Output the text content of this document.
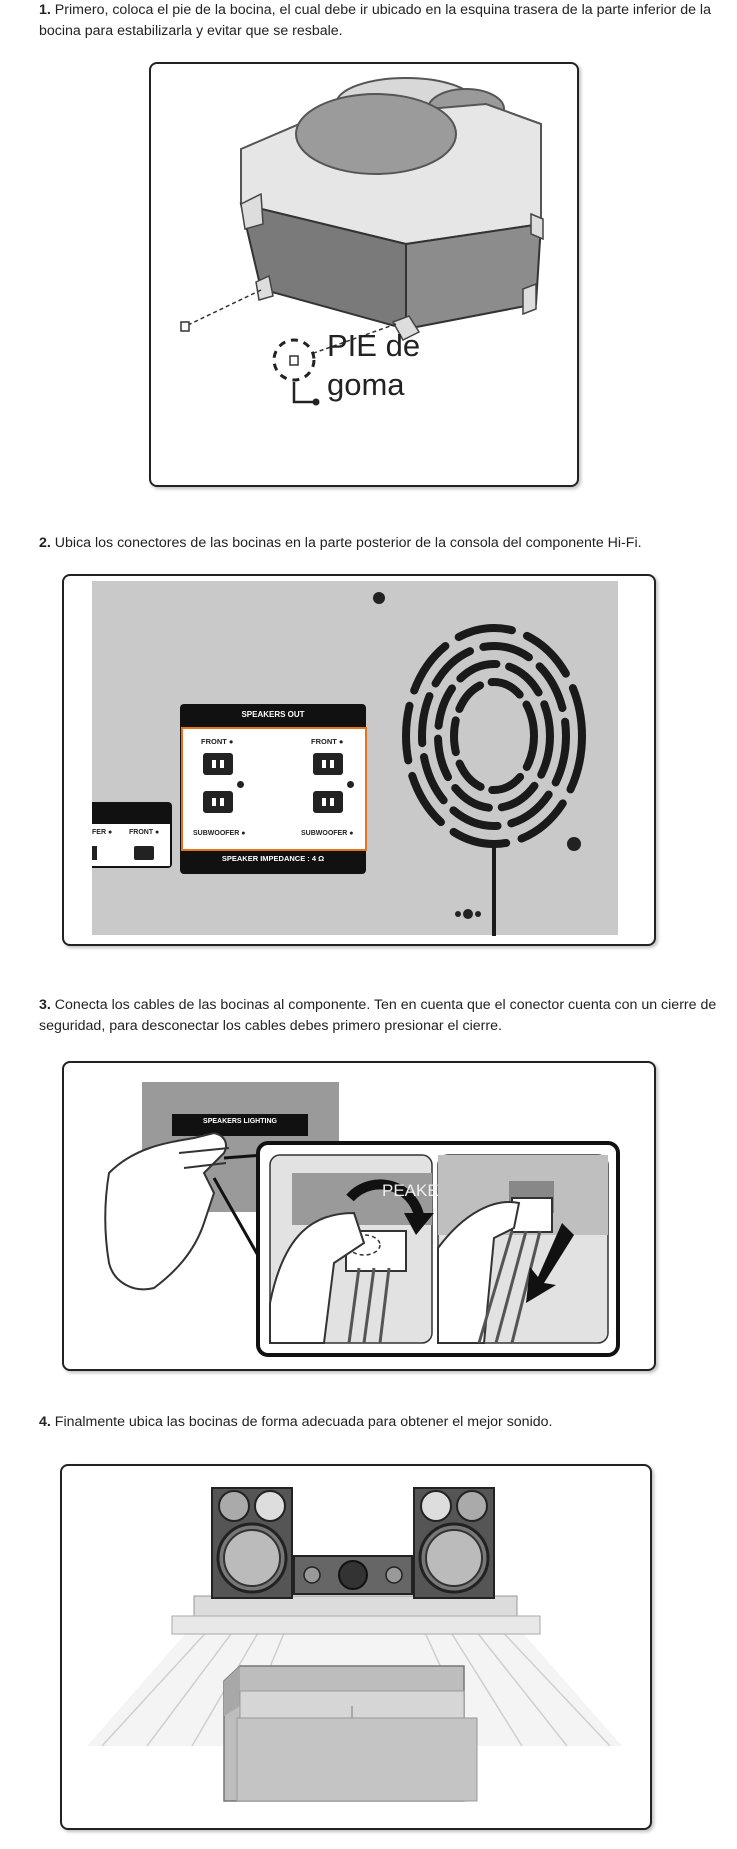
1. Primero, coloca el pie de la bocina, el cual debe ir ubicado en la esquina trasera de la parte inferior de la bocina para estabilizarla y evitar que se resbale.

PIE de
goma

2. Ubica los conectores de las bocinas en la parte posterior de la consola del componente Hi-Fi.

SPEAKERS OUT
FRONT ●	FRONT ●
SUBWOOFER ●	SUBWOOFER ●
SPEAKER IMPEDANCE : 4 Ω
FER ● FRONT ●

3. Conecta los cables de las bocinas al componente. Ten en cuenta que el conector cuenta con un cierre de seguridad, para desconectar los cables debes primero presionar el cierre.

SPEAKERS LIGHTING
PEAKE

4. Finalmente ubica las bocinas de forma adecuada para obtener el mejor sonido.
